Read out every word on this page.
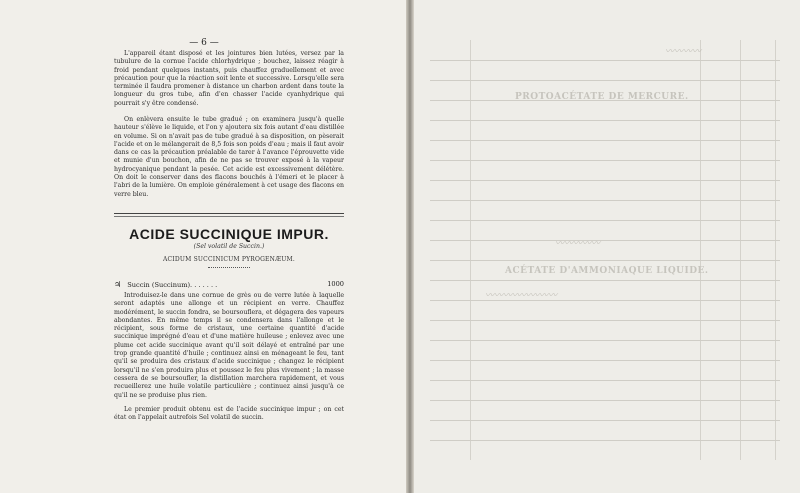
— 6 —

L'appareil étant disposé et les jointures bien lutées, versez par la tubulure de la cornue l'acide chlorhydrique ; bouchez, laissez réagir à froid pendant quelques instants, puis chauffez graduellement et avec précaution pour que la réaction soit lente et successive. Lorsqu'elle sera terminée il faudra promener à distance un charbon ardent dans toute la longueur du gros tube, afin d'en chasser l'acide cyanhydrique qui pourrait s'y être condensé.

On enlèvera ensuite le tube gradué ; on examinera jusqu'à quelle hauteur s'élève le liquide, et l'on y ajoutera six fois autant d'eau distillée en volume. Si on n'avait pas de tube gradué à sa disposition, on pèserait l'acide et on le mélangerait de 8,5 fois son poids d'eau ; mais il faut avoir dans ce cas la précaution préalable de tarer à l'avance l'éprouvette vide et munie d'un bouchon, afin de ne pas se trouver exposé à la vapeur hydrocyanique pendant la pesée. Cet acide est excessivement délétère. On doit le conserver dans des flacons bouchés à l'émeri et le placer à l'abri de la lumière. On emploie généralement à cet usage des flacons en verre bleu.

ACIDE SUCCINIQUE IMPUR.
(Sel volatil de Succin.)
ACIDUM SUCCINICUM PYROGENÆUM.
♃ Succin (Succinum). . . . . . .	1000

Introduisez-le dans une cornue de grès ou de verre lutée à laquelle seront adaptés une allonge et un récipient en verre. Chauffez modérément, le succin fondra, se boursouflera, et dégagera des vapeurs abondantes. En même temps il se condensera dans l'allonge et le récipient, sous forme de cristaux, une certaine quantité d'acide succinique imprégné d'eau et d'une matière huileuse ; enlevez avec une plume cet acide succinique avant qu'il soit délayé et entraîné par une trop grande quantité d'huile ; continuez ainsi en ménageant le feu, tant qu'il se produira des cristaux d'acide succinique ; changez le récipient lorsqu'il ne s'en produira plus et poussez le feu plus vivement ; la masse cessera de se boursoufler, la distillation marchera rapidement, et vous recueillerez une huile volatile particulière ; continuez ainsi jusqu'à ce qu'il ne se produise plus rien.

Le premier produit obtenu est de l'acide succinique impur ; on cet état on l'appelait autrefois Sel volatil de succin.

PROTOACÉTATE DE MERCURE.
ACÉTATE D'AMMONIAQUE LIQUIDE.
〰〰〰〰
〰〰〰〰〰
〰〰〰〰〰〰〰〰
